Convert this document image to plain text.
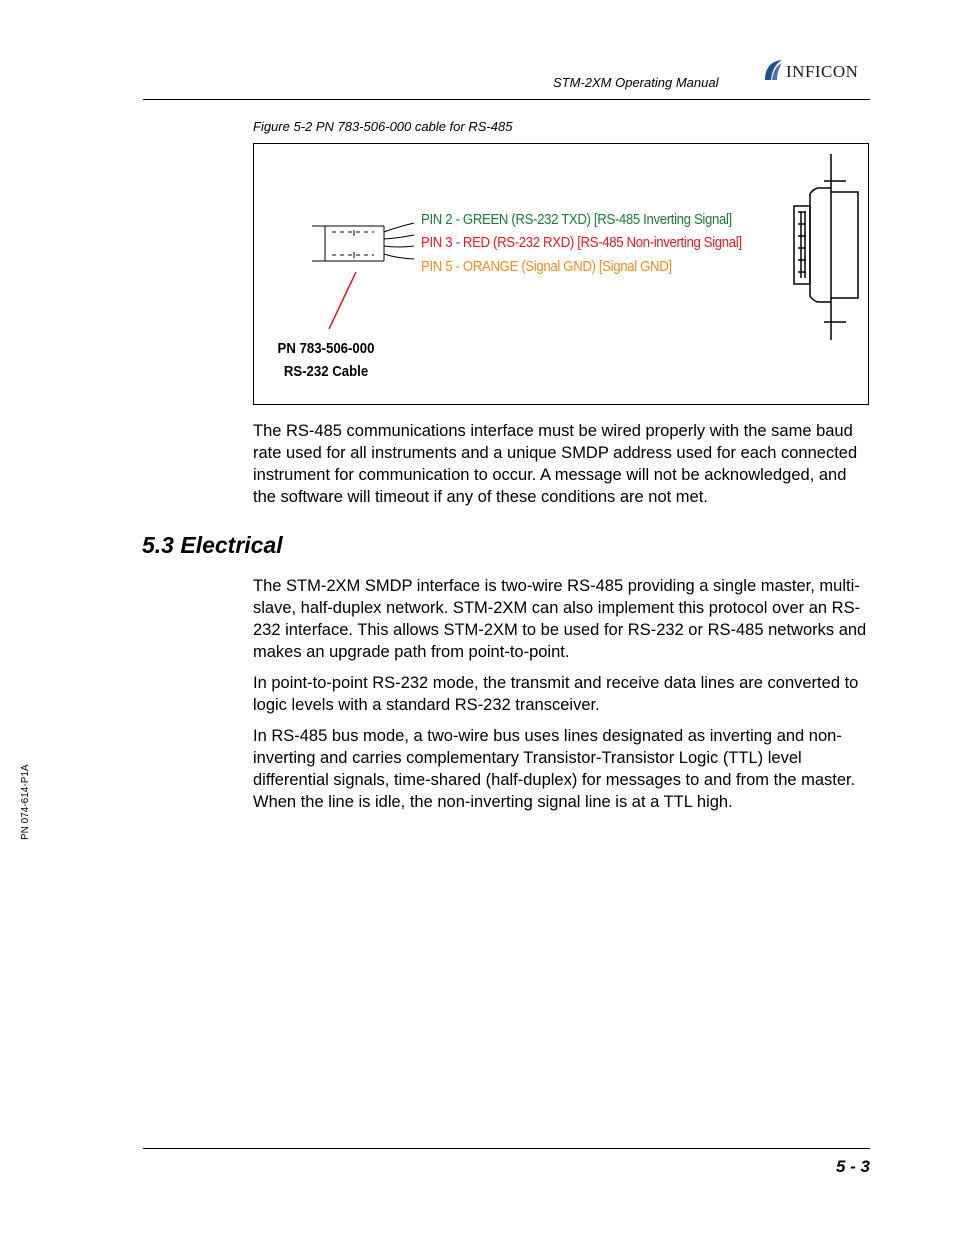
STM-2XM Operating Manual
INFICON
Figure 5-2 PN 783-506-000 cable for RS-485
PIN 2 - GREEN (RS-232 TXD) [RS-485 Inverting Signal]
PIN 3 - RED (RS-232 RXD) [RS-485 Non-inverting Signal]
PIN 5 - ORANGE (Signal GND) [Signal GND]
PN 783-506-000
RS-232 Cable
The RS-485 communications interface must be wired properly with the same baud rate used for all instruments and a unique SMDP address used for each connected instrument for communication to occur. A message will not be acknowledged, and the software will timeout if any of these conditions are not met.
5.3 Electrical
The STM-2XM SMDP interface is two-wire RS-485 providing a single master, multi-slave, half-duplex network. STM-2XM can also implement this protocol over an RS-232 interface. This allows STM-2XM to be used for RS-232 or RS-485 networks and makes an upgrade path from point-to-point.
In point-to-point RS-232 mode, the transmit and receive data lines are converted to logic levels with a standard RS-232 transceiver.
In RS-485 bus mode, a two-wire bus uses lines designated as inverting and non-inverting and carries complementary Transistor-Transistor Logic (TTL) level differential signals, time-shared (half-duplex) for messages to and from the master. When the line is idle, the non-inverting signal line is at a TTL high.
PN 074-614-P1A
5 - 3
